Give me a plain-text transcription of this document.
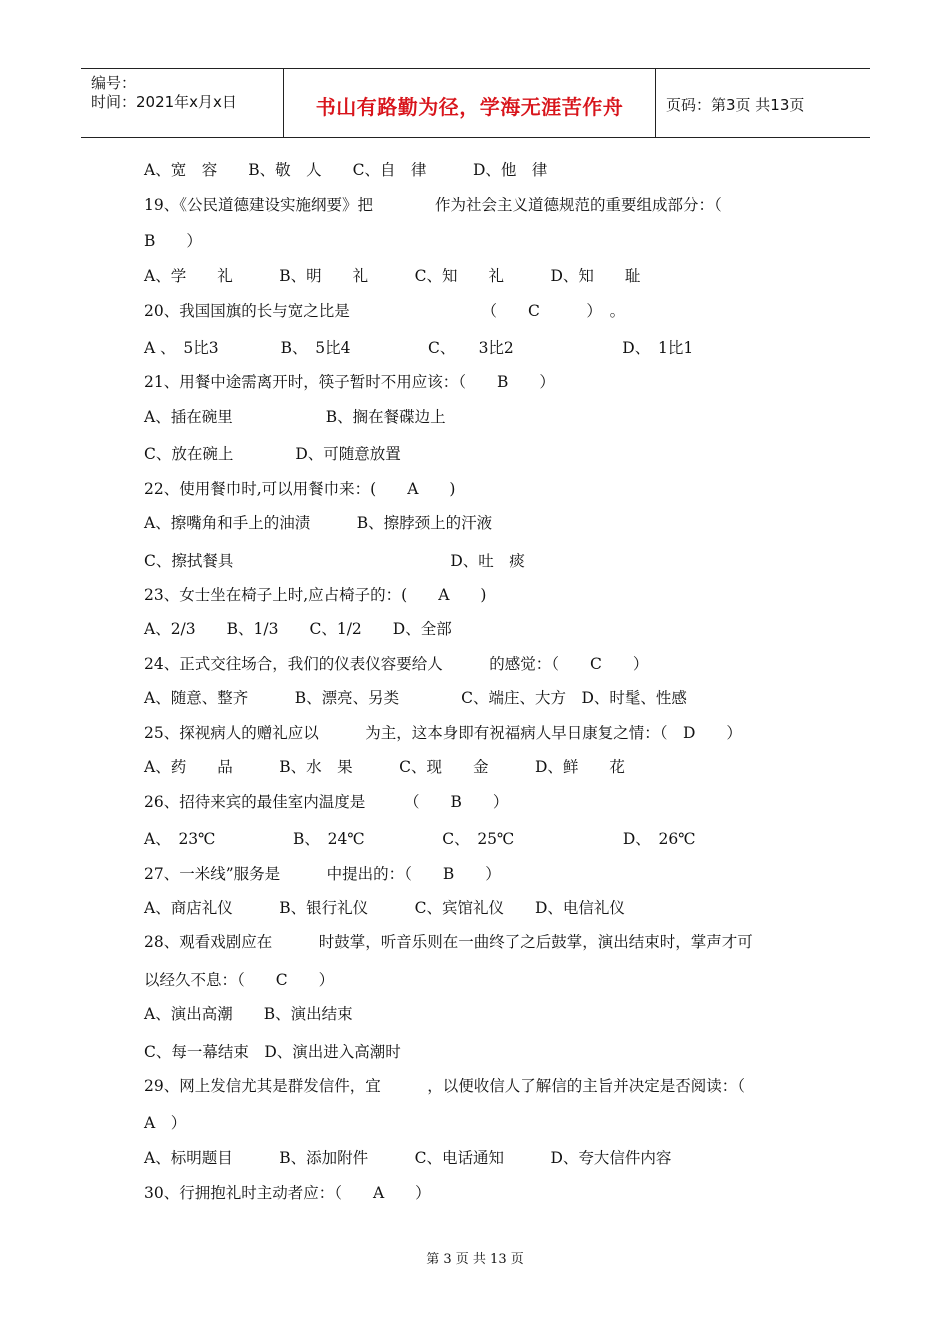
编号：
时间：2021年x月x日	书山有路勤为径，学海无涯苦作舟	页码：第3页 共13页
A、宽　容　　B、敬　人　　C、自　律　　　D、他　律
19、《公民道德建设实施纲要》把　　　　作为社会主义道德规范的重要组成部分：（
B　　）
A、学　　礼　　　B、明　　礼　　　C、知　　礼　　　D、知　　耻
20、我国国旗的长与宽之比是　　　　　　　　　（　　C　　　）　。
A 、　5比3　　　　B、　5比4　　　　　C、　　3比2　　　　　　　D、　1比1
21、用餐中途需离开时，筷子暂时不用应该：（　　B　　）
A、插在碗里　　　　　　B、搁在餐碟边上
C、放在碗上　　　　D、可随意放置
22、使用餐巾时,可以用餐巾来：(　　A　　)
A、擦嘴角和手上的油渍　　　B、擦脖颈上的汗液
C、擦拭餐具　　　　　　　　　　　　　　D、吐　痰
23、女士坐在椅子上时,应占椅子的：(　　A　　)
A、2/3　　B、1/3　　C、1/2　　D、全部
24、正式交往场合，我们的仪表仪容要给人　　　的感觉：（　　C　　）
A、随意、整齐　　　B、漂亮、另类　　　　C、端庄、大方　D、时髦、性感
25、探视病人的赠礼应以　　　为主，这本身即有祝福病人早日康复之情：（　D　　）
A、药　　品　　　B、水　果　　　C、现　　金　　　D、鲜　　花
26、招待来宾的最佳室内温度是　　　（　　B　　）
A、　23℃　　　　　B、　24℃　　　　　C、　25℃　　　　　　　D、　26℃
27、一米线”服务是　　　中提出的：（　　B　　）
A、商店礼仪　　　B、银行礼仪　　　C、宾馆礼仪　　D、电信礼仪
28、观看戏剧应在　　　时鼓掌，听音乐则在一曲终了之后鼓掌，演出结束时，掌声才可
以经久不息：（　　C　　）
A、演出高潮　　B、演出结束
C、每一幕结束　D、演出进入高潮时
29、网上发信尤其是群发信件，宜　　　，以便收信人了解信的主旨并决定是否阅读：（
A　）
A、标明题目　　　B、添加附件　　　C、电话通知　　　D、夸大信件内容
30、行拥抱礼时主动者应：（　　A　　）
第 3 页 共 13 页
